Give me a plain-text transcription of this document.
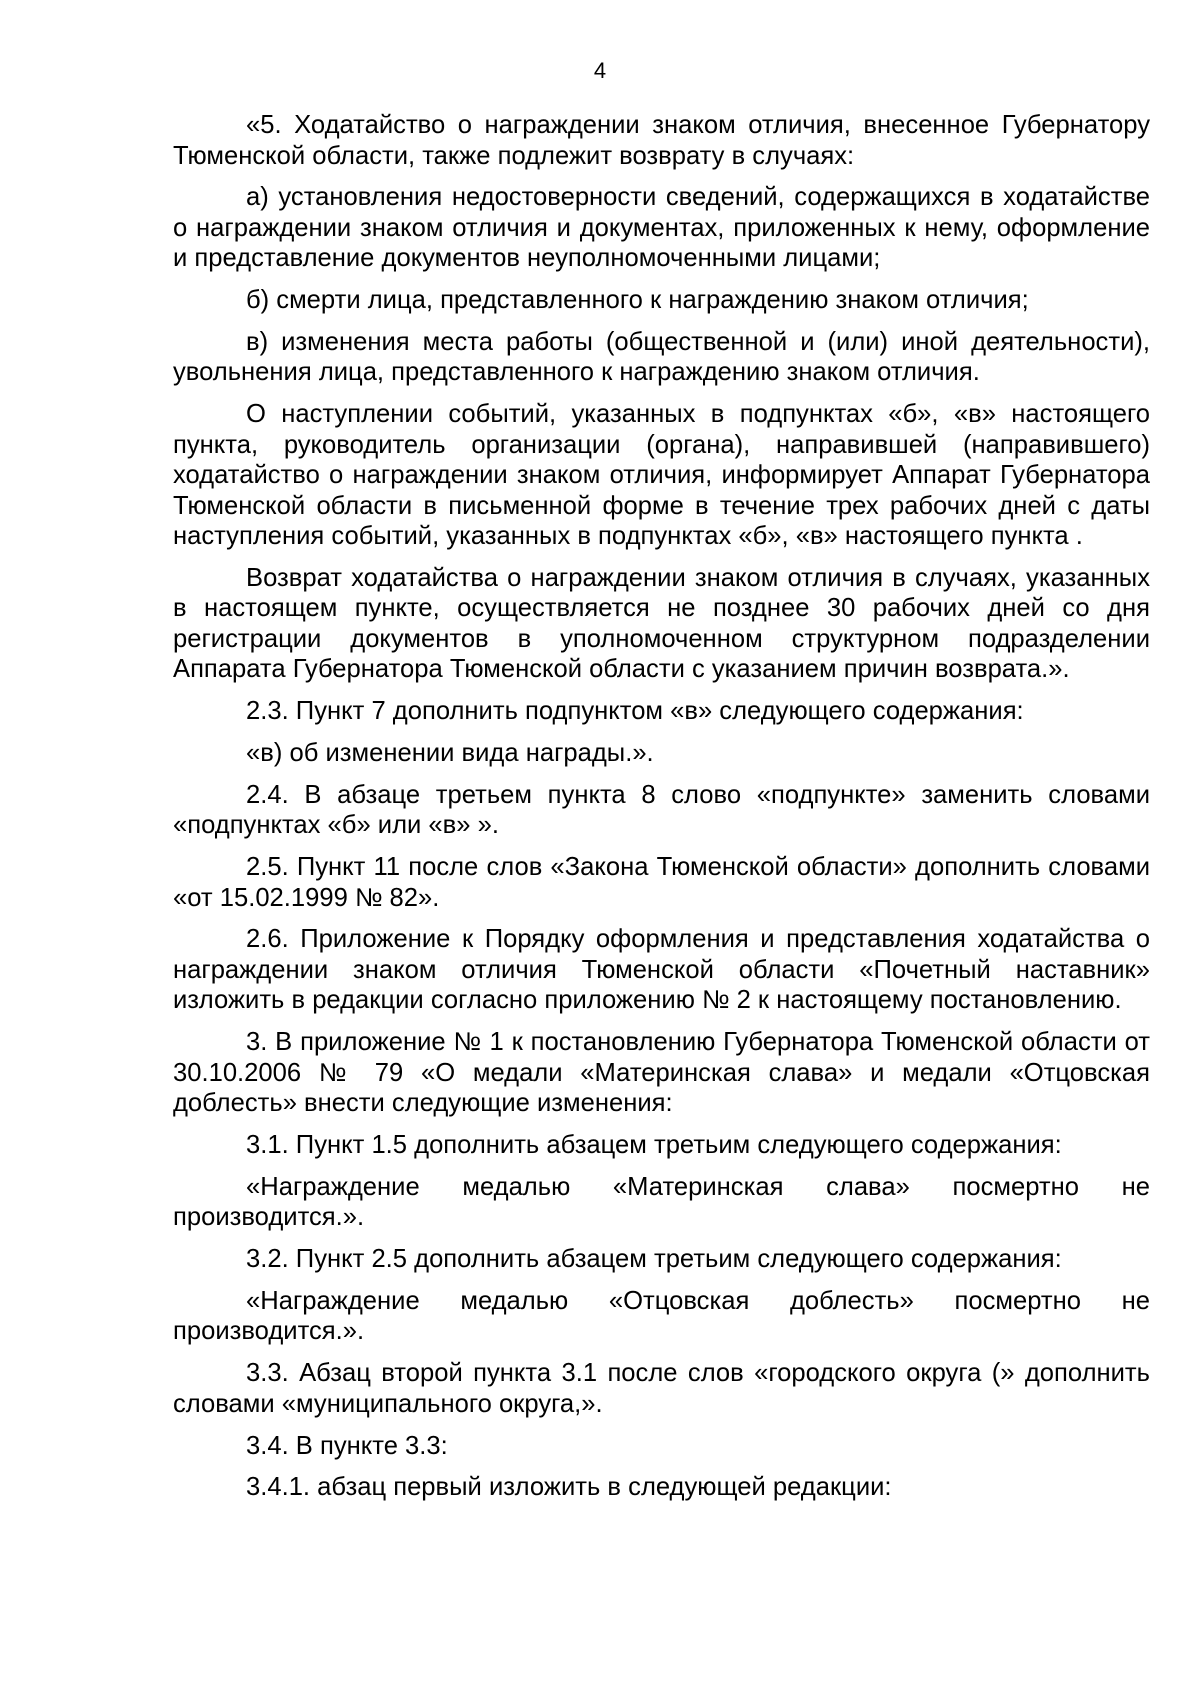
4

«5. Ходатайство о награждении знаком отличия, внесенное Губернатору Тюменской области, также подлежит возврату в случаях:

а) установления недостоверности сведений, содержащихся в ходатайстве о награждении знаком отличия и документах, приложенных к нему, оформление и представление документов неуполномоченными лицами;

б) смерти лица, представленного к награждению знаком отличия;

в) изменения места работы (общественной и (или) иной деятельности), увольнения лица, представленного к награждению знаком отличия.

О наступлении событий, указанных в подпунктах «б», «в» настоящего пункта, руководитель организации (органа), направившей (направившего) ходатайство о награждении знаком отличия, информирует Аппарат Губернатора Тюменской области в письменной форме в течение трех рабочих дней с даты наступления событий, указанных в подпунктах «б», «в» настоящего пункта .

Возврат ходатайства о награждении знаком отличия в случаях, указанных в настоящем пункте, осуществляется не позднее 30 рабочих дней со дня регистрации документов в уполномоченном структурном подразделении Аппарата Губернатора Тюменской области с указанием причин возврата.».

2.3. Пункт 7 дополнить подпунктом «в» следующего содержания:

«в) об изменении вида награды.».

2.4. В абзаце третьем пункта 8 слово «подпункте» заменить словами «подпунктах «б» или «в» ».

2.5. Пункт 11 после слов «Закона Тюменской области» дополнить словами «от 15.02.1999 № 82».

2.6. Приложение к Порядку оформления и представления ходатайства о награждении знаком отличия Тюменской области «Почетный наставник» изложить в редакции согласно приложению № 2 к настоящему постановлению.

3. В приложение № 1 к постановлению Губернатора Тюменской области от 30.10.2006 № 79 «О медали «Материнская слава» и медали «Отцовская доблесть» внести следующие изменения:

3.1. Пункт 1.5 дополнить абзацем третьим следующего содержания:

«Награждение медалью «Материнская слава» посмертно не производится.».

3.2. Пункт 2.5 дополнить абзацем третьим следующего содержания:

«Награждение медалью «Отцовская доблесть» посмертно не производится.».

3.3. Абзац второй пункта 3.1 после слов «городского округа (» дополнить словами «муниципального округа,».

3.4. В пункте 3.3:

3.4.1. абзац первый изложить в следующей редакции:
